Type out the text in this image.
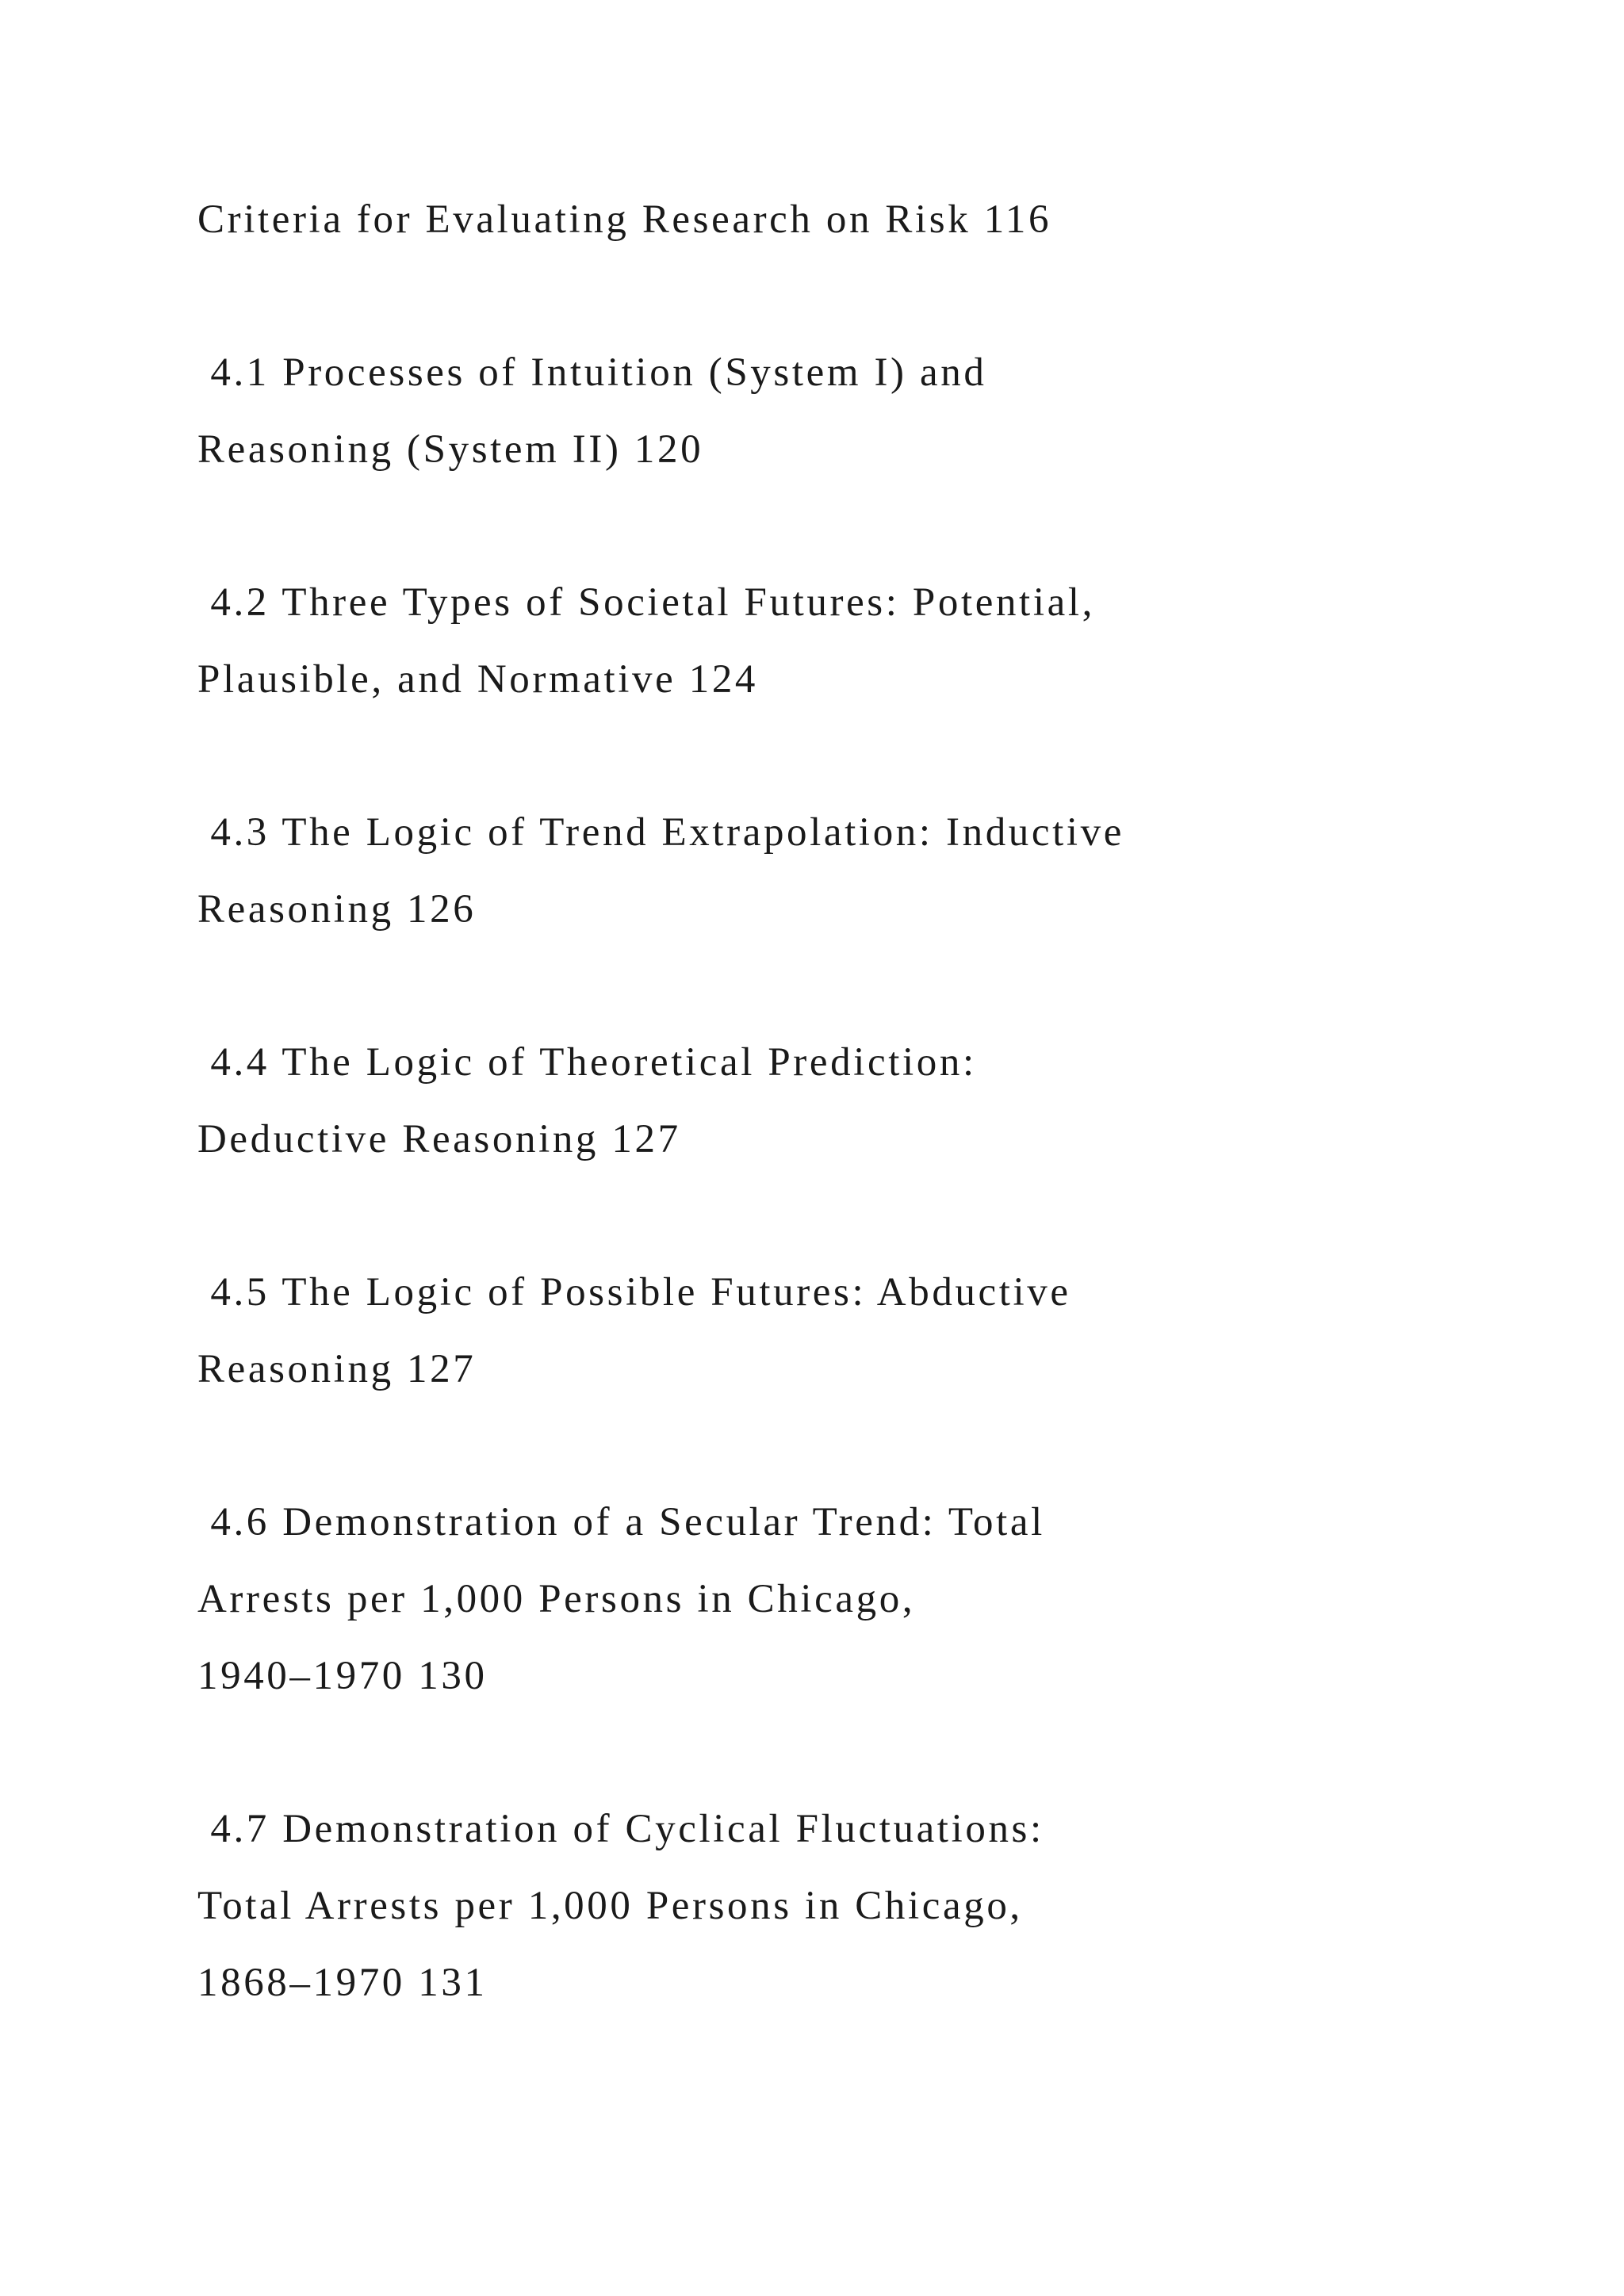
Criteria for Evaluating Research on Risk 116

4.1 Processes of Intuition (System I) and

Reasoning (System II) 120

4.2 Three Types of Societal Futures: Potential,

Plausible, and Normative 124

4.3 The Logic of Trend Extrapolation: Inductive

Reasoning 126

4.4 The Logic of Theoretical Prediction:

Deductive Reasoning 127

4.5 The Logic of Possible Futures: Abductive

Reasoning 127

4.6 Demonstration of a Secular Trend: Total

Arrests per 1,000 Persons in Chicago,

1940–1970 130

4.7 Demonstration of Cyclical Fluctuations:

Total Arrests per 1,000 Persons in Chicago,

1868–1970 131
